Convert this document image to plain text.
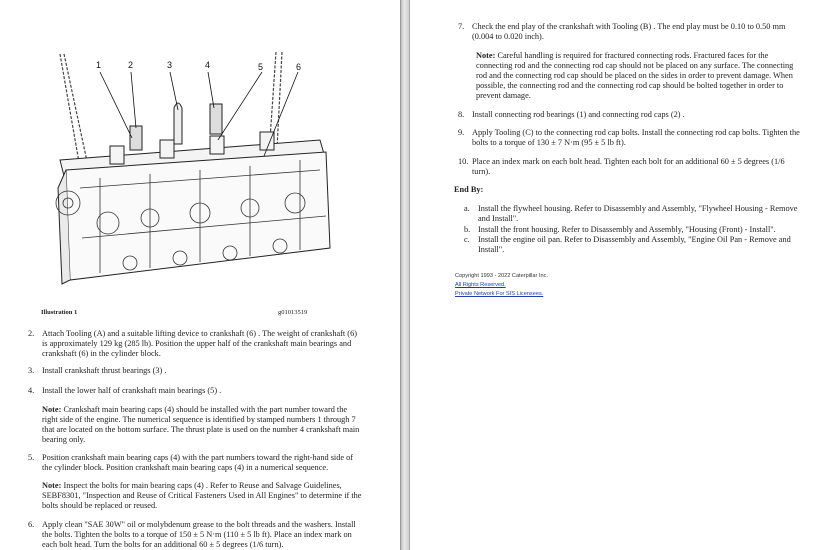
1	2	3	4	5	6
Illustration 1	g01013519
2. Attach Tooling (A) and a suitable lifting device to crankshaft (6) . The weight of crankshaft (6) is approximately 129 kg (285 lb). Position the upper half of the crankshaft main bearings and crankshaft (6) in the cylinder block.
3. Install crankshaft thrust bearings (3) .
4. Install the lower half of crankshaft main bearings (5) .
Note: Crankshaft main bearing caps (4) should be installed with the part number toward the right side of the engine. The numerical sequence is identified by stamped numbers 1 through 7 that are located on the bottom surface. The thrust plate is used on the number 4 crankshaft main bearing only.
5. Position crankshaft main bearing caps (4) with the part numbers toward the right-hand side of the cylinder block. Position crankshaft main bearing caps (4) in a numerical sequence.
Note: Inspect the bolts for main bearing caps (4) . Refer to Reuse and Salvage Guidelines, SEBF8301, "Inspection and Reuse of Critical Fasteners Used in All Engines" to determine if the bolts should be replaced or reused.
6. Apply clean "SAE 30W" oil or molybdenum grease to the bolt threads and the washers. Install the bolts. Tighten the bolts to a torque of 150 ± 5 N·m (110 ± 5 lb ft). Place an index mark on each bolt head. Turn the bolts for an additional 60 ± 5 degrees (1/6 turn).
7. Check the end play of the crankshaft with Tooling (B) . The end play must be 0.10 to 0.50 mm (0.004 to 0.020 inch).
Note: Careful handling is required for fractured connecting rods. Fractured faces for the connecting rod and the connecting rod cap should not be placed on any surface. The connecting rod and the connecting rod cap should be placed on the sides in order to prevent damage. When possible, the connecting rod and the connecting rod cap should be bolted together in order to prevent damage.
8. Install connecting rod bearings (1) and connecting rod caps (2) .
9. Apply Tooling (C) to the connecting rod cap bolts. Install the connecting rod cap bolts. Tighten the bolts to a torque of 130 ± 7 N·m (95 ± 5 lb ft).
10. Place an index mark on each bolt head. Tighten each bolt for an additional 60 ± 5 degrees (1/6 turn).
End By:
a. Install the flywheel housing. Refer to Disassembly and Assembly, "Flywheel Housing - Remove and Install".
b. Install the front housing. Refer to Disassembly and Assembly, "Housing (Front) - Install".
c. Install the engine oil pan. Refer to Disassembly and Assembly, "Engine Oil Pan - Remove and Install".
Copyright 1993 - 2022 Caterpillar Inc.
All Rights Reserved.
Private Network For SIS Licensees.
